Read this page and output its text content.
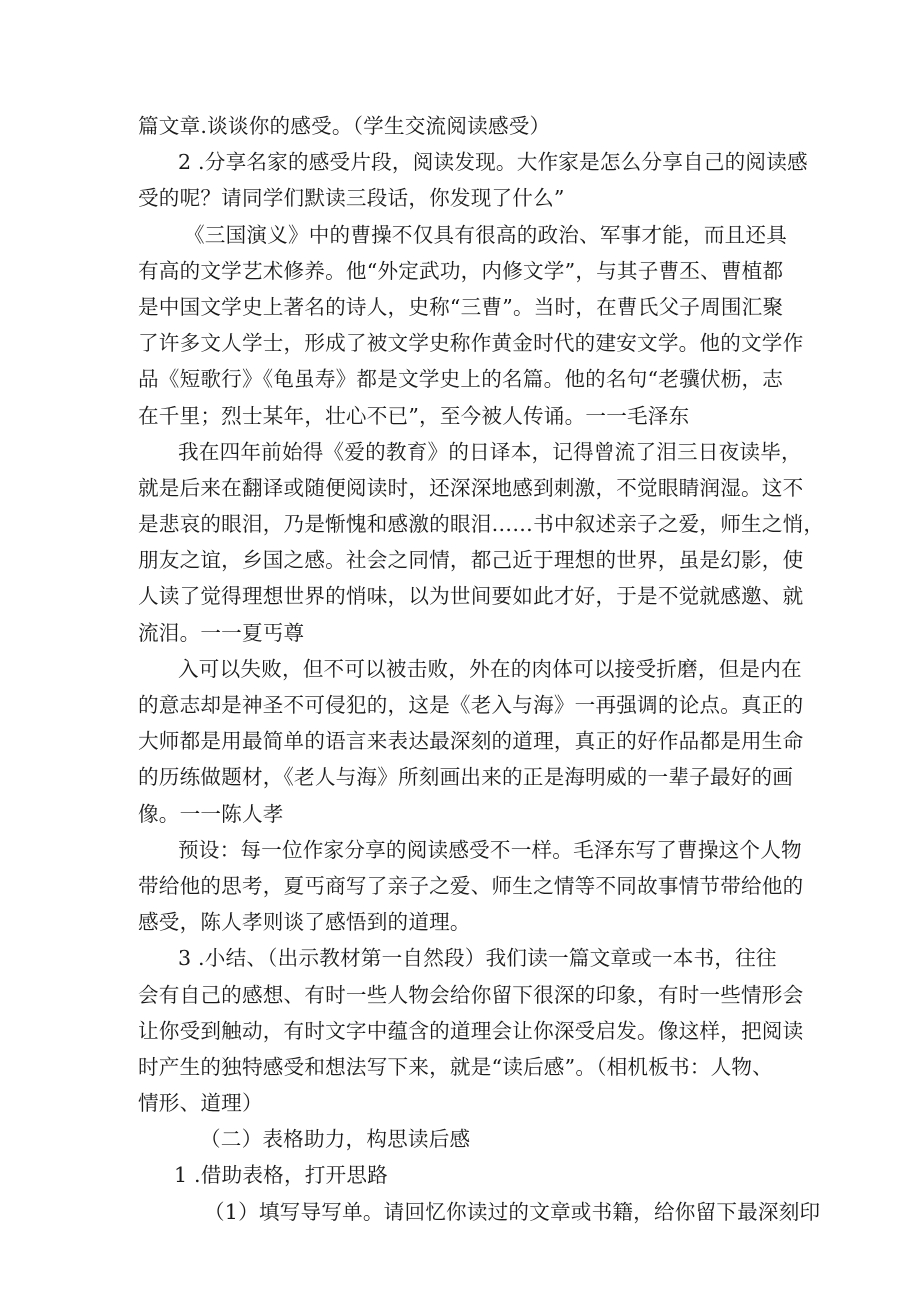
篇文章.谈谈你的感受。（学生交流阅读感受）
2 .分享名家的感受片段，阅读发现。大作家是怎么分享自己的阅读感
受的呢？请同学们默读三段话，你发现了什么”
《三国演义》中的曹操不仅具有很高的政治、军事才能，而且还具
有高的文学艺术修养。他“外定武功，内修文学”，与其子曹丕、曹植都
是中国文学史上著名的诗人，史称“三曹”。当时，在曹氏父子周围汇聚
了许多文人学士，形成了被文学史称作黄金时代的建安文学。他的文学作
品《短歌行》《龟虽寿》都是文学史上的名篇。他的名句“老骥伏枥，志
在千里；烈士某年，壮心不已”，至今被人传诵。一一毛泽东
我在四年前始得《爱的教育》的日译本，记得曾流了泪三日夜读毕，
就是后来在翻译或随便阅读时，还深深地感到刺激，不觉眼睛润湿。这不
是悲哀的眼泪，乃是惭愧和感激的眼泪……书中叙述亲子之爱，师生之悄，
朋友之谊，乡国之感。社会之同情，都己近于理想的世界，虽是幻影，使
人读了觉得理想世界的悄味，以为世间要如此才好，于是不觉就感邀、就
流泪。一一夏丐尊
入可以失败，但不可以被击败，外在的肉体可以接受折磨，但是内在
的意志却是神圣不可侵犯的，这是《老入与海》一再强调的论点。真正的
大师都是用最简单的语言来表达最深刻的道理，真正的好作品都是用生命
的历练做题材，《老人与海》所刻画出来的正是海明威的一辈子最好的画
像。一一陈人孝
预设：每一位作家分享的阅读感受不一样。毛泽东写了曹操这个人物
带给他的思考，夏丐商写了亲子之爱、师生之情等不同故事情节带给他的
感受，陈人孝则谈了感悟到的道理。
3 .小结、（出示教材第一自然段）我们读一篇文章或一本书，往往
会有自己的感想、有时一些人物会给你留下很深的印象，有时一些情形会
让你受到触动，有时文字中蕴含的道理会让你深受启发。像这样，把阅读
时产生的独特感受和想法写下来，就是“读后感”。（相机板书：人物、
情形、道理）
（二）表格助力，构思读后感
1 .借助表格，打开思路
（1）填写导写单。请回忆你读过的文章或书籍，给你留下最深刻印
